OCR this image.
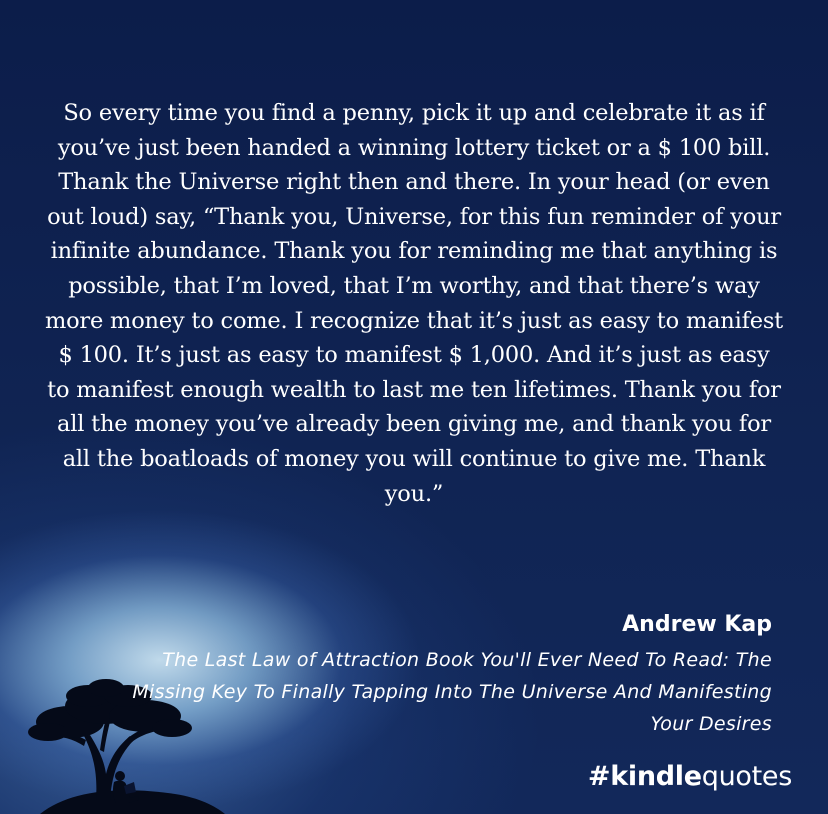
So every time you find a penny, pick it up and celebrate it as if you’ve just been handed a winning lottery ticket or a $ 100 bill. Thank the Universe right then and there. In your head (or even out loud) say, “Thank you, Universe, for this fun reminder of your infinite abundance. Thank you for reminding me that anything is possible, that I’m loved, that I’m worthy, and that there’s way more money to come. I recognize that it’s just as easy to manifest $ 100. It’s just as easy to manifest $ 1,000. And it’s just as easy to manifest enough wealth to last me ten lifetimes. Thank you for all the money you’ve already been giving me, and thank you for all the boatloads of money you will continue to give me. Thank you.”

Andrew Kap
The Last Law of Attraction Book You'll Ever Need To Read: The Missing Key To Finally Tapping Into The Universe And Manifesting Your Desires
#kindlequotes
